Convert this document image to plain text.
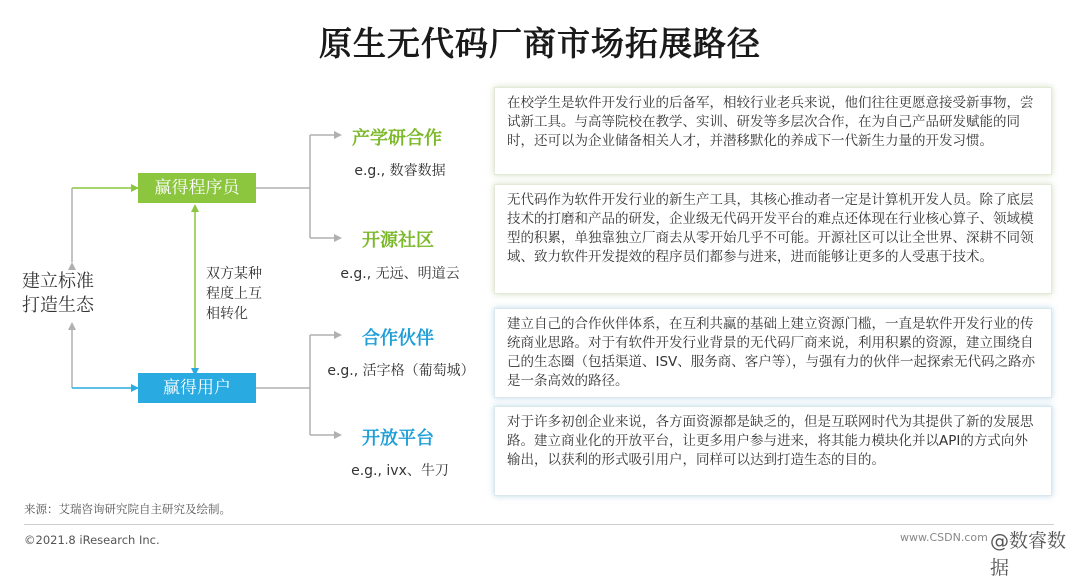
原生无代码厂商市场拓展路径
建立标准
打造生态
赢得程序员
赢得用户
双方某种
程度上互
相转化
产学研合作
e.g., 数睿数据
开源社区
e.g., 无远、明道云
合作伙伴
e.g., 活字格（葡萄城）
开放平台
e.g., ivx、牛刀
在校学生是软件开发行业的后备军，相较行业老兵来说，他们往往更愿意接受新事物，尝试新工具。与高等院校在教学、实训、研发等多层次合作，在为自己产品研发赋能的同时，还可以为企业储备相关人才，并潜移默化的养成下一代新生力量的开发习惯。
无代码作为软件开发行业的新生产工具，其核心推动者一定是计算机开发人员。除了底层技术的打磨和产品的研发，企业级无代码开发平台的难点还体现在行业核心算子、领域模型的积累，单独靠独立厂商去从零开始几乎不可能。开源社区可以让全世界、深耕不同领域、致力软件开发提效的程序员们都参与进来，进而能够让更多的人受惠于技术。
建立自己的合作伙伴体系，在互利共赢的基础上建立资源门槛，一直是软件开发行业的传统商业思路。对于有软件开发行业背景的无代码厂商来说，利用积累的资源，建立围绕自己的生态圈（包括渠道、ISV、服务商、客户等），与强有力的伙伴一起探索无代码之路亦是一条高效的路径。
对于许多初创企业来说，各方面资源都是缺乏的，但是互联网时代为其提供了新的发展思路。建立商业化的开放平台，让更多用户参与进来，将其能力模块化并以API的方式向外输出，以获利的形式吸引用户，同样可以达到打造生态的目的。
来源：艾瑞咨询研究院自主研究及绘制。
©2021.8 iResearch Inc.	www.CSDN.com @数睿数据
